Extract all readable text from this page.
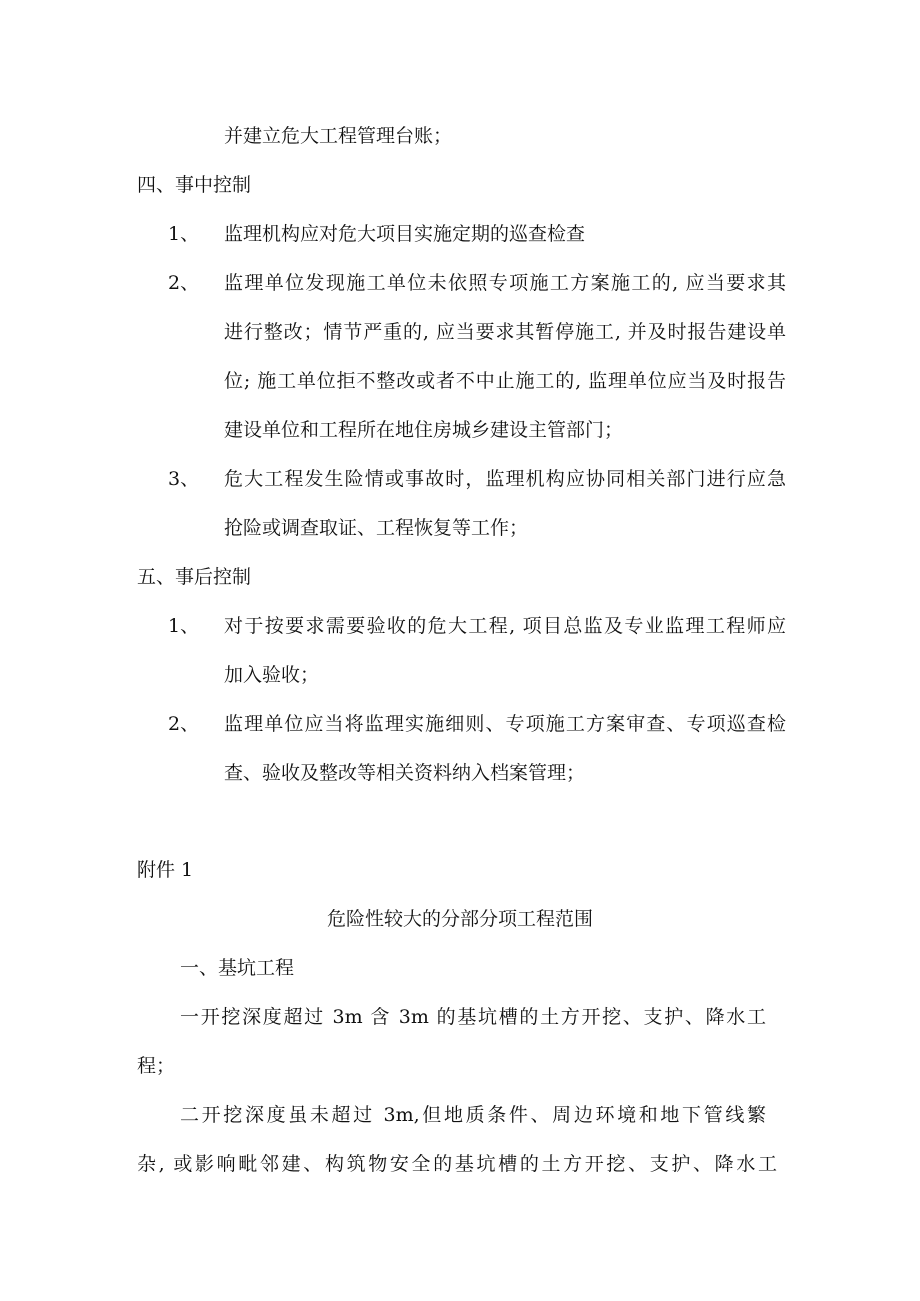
并建立危大工程管理台账；
四、事中控制
1、 监理机构应对危大项目实施定期的巡查检查
2、 监理单位发现施工单位未依照专项施工方案施工的, 应当要求其
进行整改；情节严重的, 应当要求其暂停施工, 并及时报告建设单
位; 施工单位拒不整改或者不中止施工的, 监理单位应当及时报告
建设单位和工程所在地住房城乡建设主管部门；
3、 危大工程发生险情或事故时，监理机构应协同相关部门进行应急
抢险或调查取证、工程恢复等工作；
五、事后控制
1、 对于按要求需要验收的危大工程, 项目总监及专业监理工程师应
加入验收；
2、 监理单位应当将监理实施细则、专项施工方案审查、专项巡查检
查、验收及整改等相关资料纳入档案管理；
附件 1
危险性较大的分部分项工程范围
一、基坑工程
一开挖深度超过 3m 含 3m 的基坑槽的土方开挖、支护、降水工
程；
二开挖深度虽未超过 3m,但地质条件、周边环境和地下管线繁
杂, 或影响毗邻建、构筑物安全的基坑槽的土方开挖、支护、降水工
